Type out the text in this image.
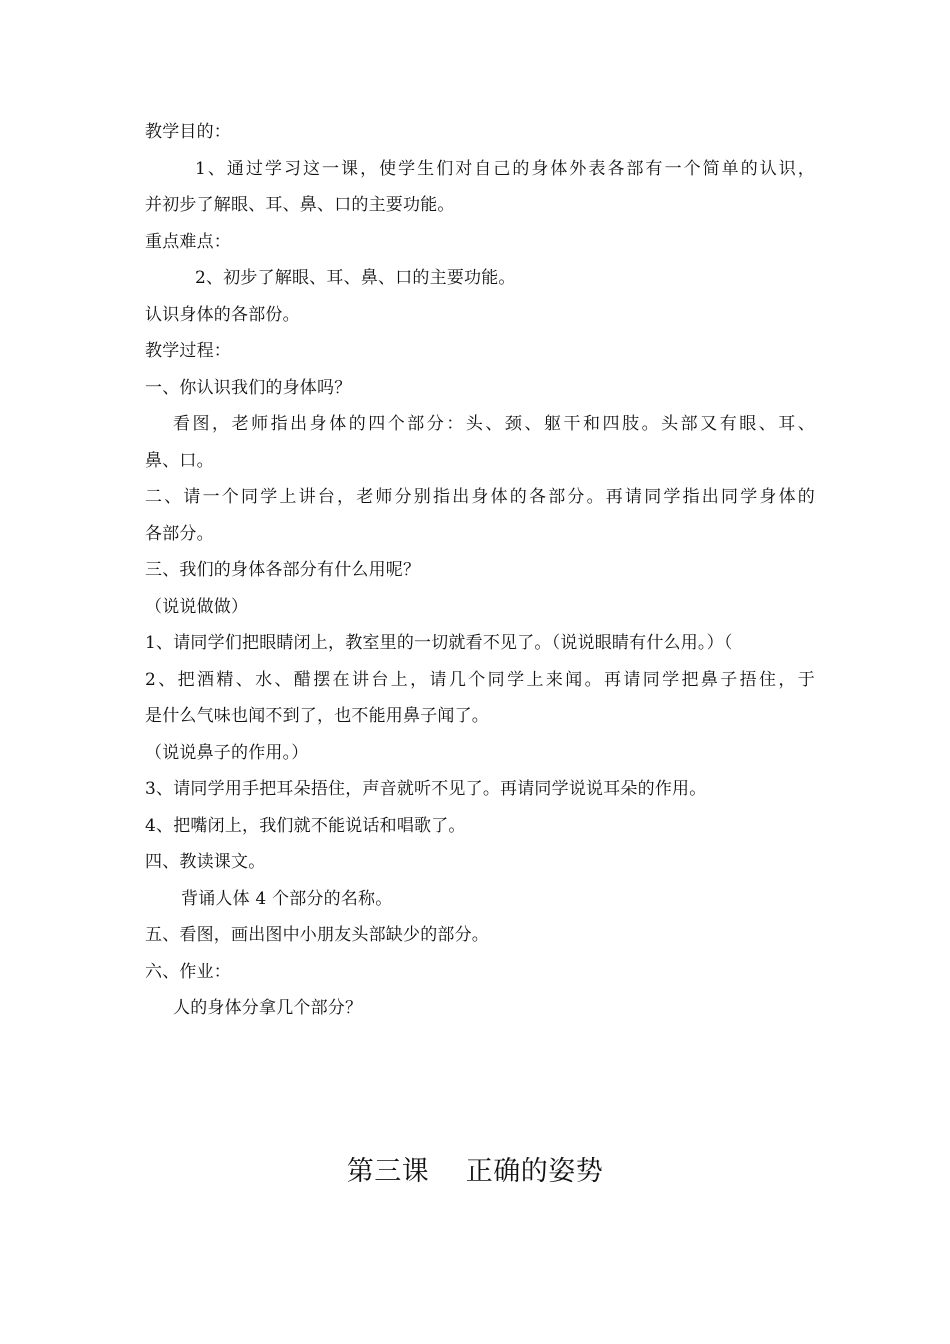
教学目的：
1、通过学习这一课，使学生们对自己的身体外表各部有一个简单的认识，
并初步了解眼、耳、鼻、口的主要功能。
重点难点：
2、初步了解眼、耳、鼻、口的主要功能。
认识身体的各部份。
教学过程：
一、你认识我们的身体吗？
看图，老师指出身体的四个部分：头、颈、躯干和四肢。头部又有眼、耳、
鼻、口。
二、请一个同学上讲台，老师分别指出身体的各部分。再请同学指出同学身体的
各部分。
三、我们的身体各部分有什么用呢？
（说说做做）
1、请同学们把眼睛闭上，教室里的一切就看不见了。（说说眼睛有什么用。）（
2、把酒精、水、醋摆在讲台上，请几个同学上来闻。再请同学把鼻子捂住，于
是什么气味也闻不到了，也不能用鼻子闻了。
（说说鼻子的作用。）
3、请同学用手把耳朵捂住，声音就听不见了。再请同学说说耳朵的作用。
4、把嘴闭上，我们就不能说话和唱歌了。
四、教读课文。
背诵人体 4 个部分的名称。
五、看图，画出图中小朋友头部缺少的部分。
六、作业：
人的身体分拿几个部分？
第三课　 正确的姿势
